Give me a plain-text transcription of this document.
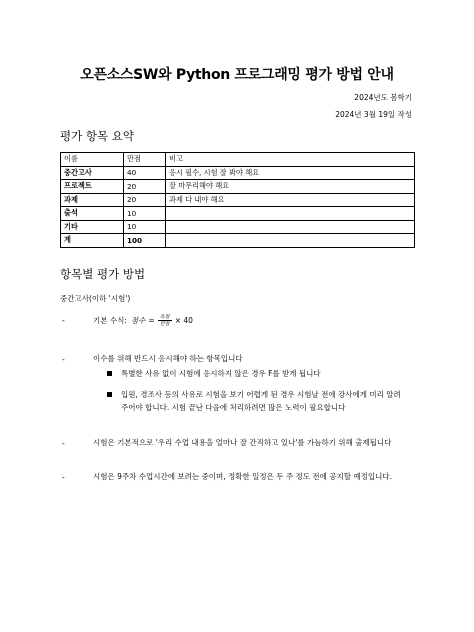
오픈소스SW와 Python 프로그래밍 평가 방법 안내
2024년도 봄학기
2024년 3월 19일 작성
평가 항목 요약
이름	만점	비고
중간고사	40	응시 필수, 시험 잘 봐야 해요
프로젝트	20	잘 마무리해야 해요
과제	20	과제 다 내야 해요
출석	10	
기타	10	
계	100	
항목별 평가 방법
중간고사(이하 '시험')
-	기본 수식: 점수 = $\frac{\text{득점}}{\text{만점}} \times 40$
-	이수를 위해 반드시 응시해야 하는 항목입니다
특별한 사유 없이 시험에 응시하지 않은 경우 F를 받게 됩니다
입원, 경조사 등의 사유로 시험을 보기 어렵게 된 경우 시험날 전에 강사에게 미리 알려
주어야 합니다. 시험 끝난 다음에 처리하려면 많은 노력이 필요합니다
-	시험은 기본적으로 '우리 수업 내용을 얼마나 잘 간직하고 있나'를 가늠하기 위해 출제됩니다
-	시험은 9주차 수업시간에 보려는 중이며, 정확한 일정은 두 주 정도 전에 공지할 예정입니다.
